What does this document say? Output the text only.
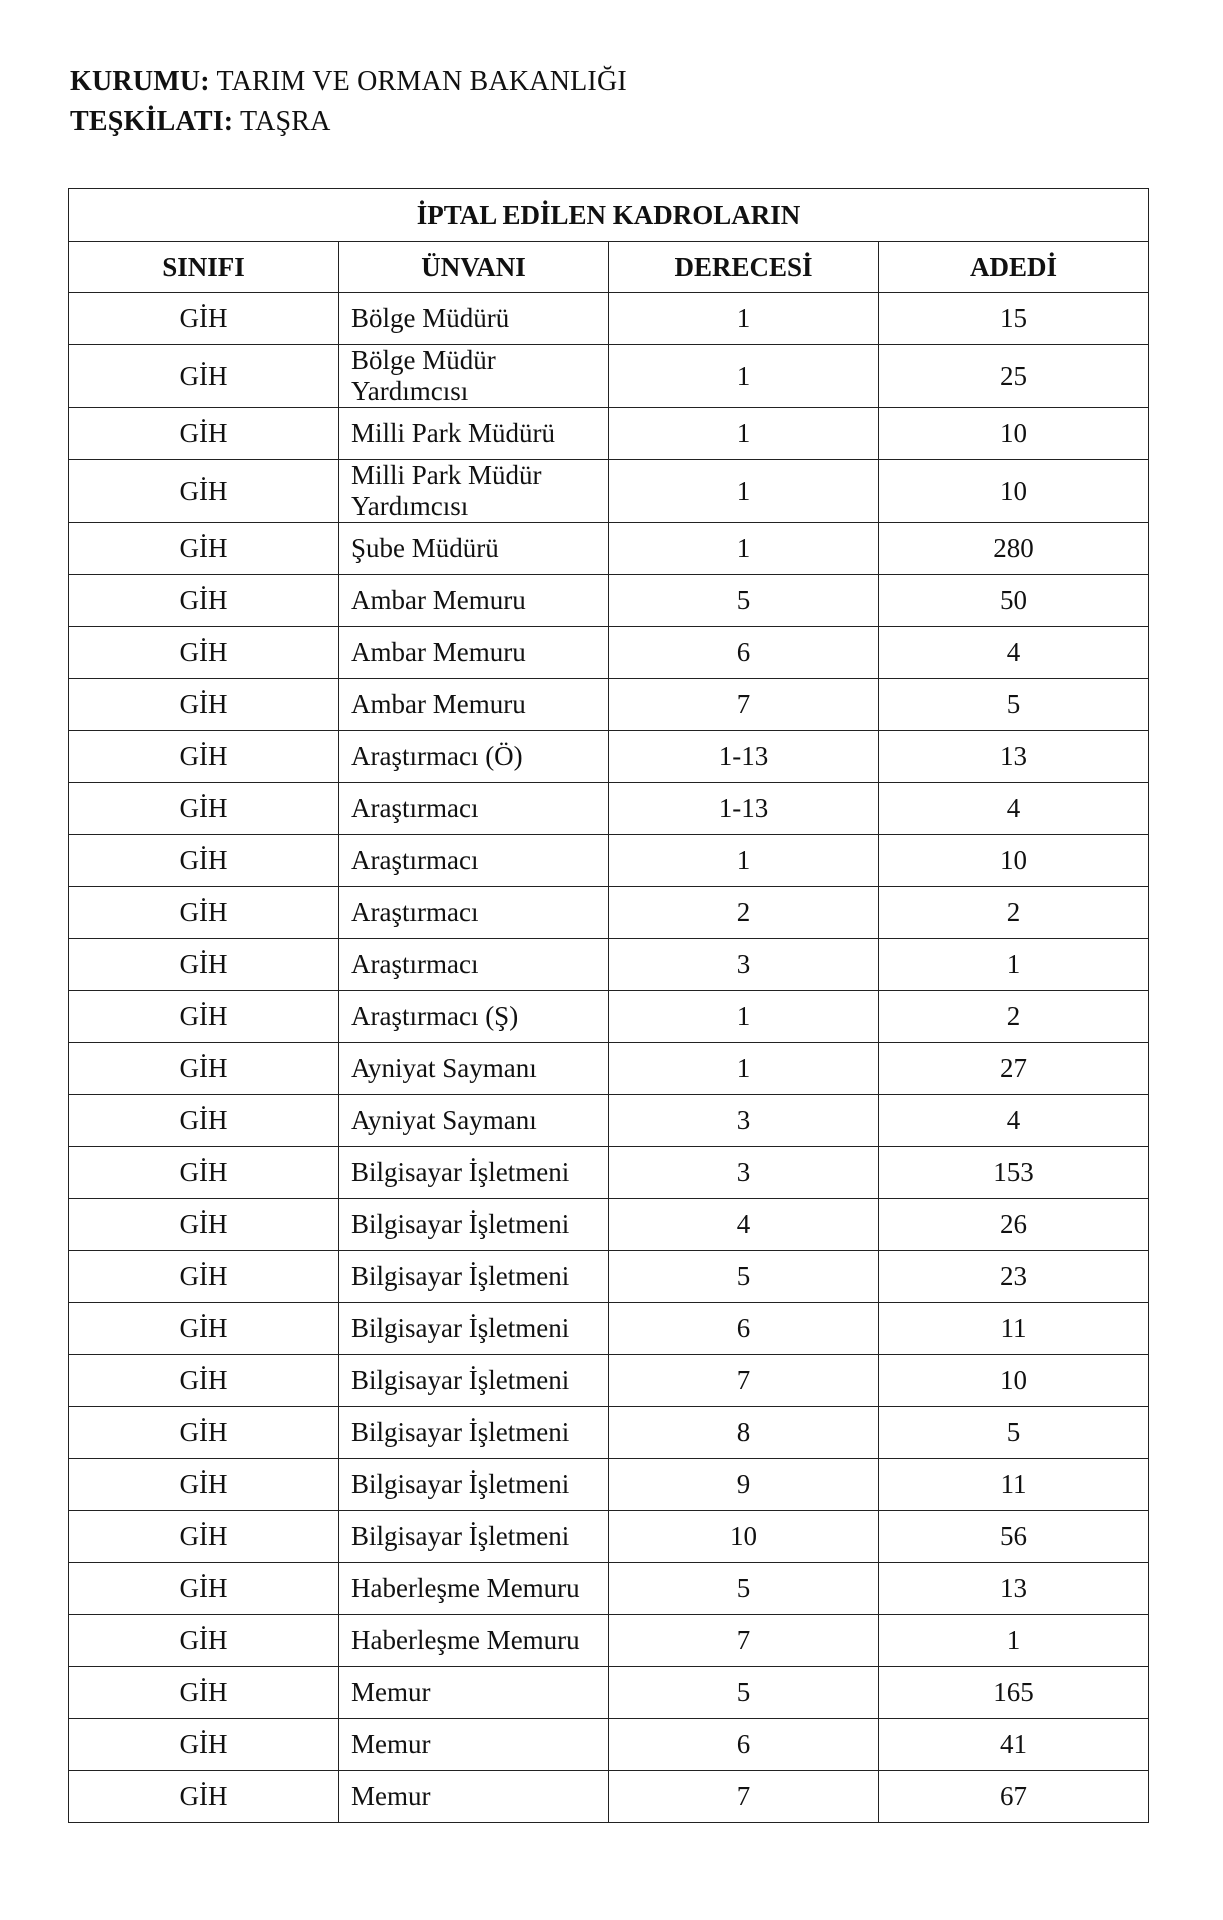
KURUMU: TARIM VE ORMAN BAKANLIĞI
TEŞKİLATI: TAŞRA
İPTAL EDİLEN KADROLARIN			
SINIFI	ÜNVANI	DERECESİ	ADEDİ
GİH	Bölge Müdürü	1	15
GİH	Bölge Müdür Yardımcısı	1	25
GİH	Milli Park Müdürü	1	10
GİH	Milli Park Müdür Yardımcısı	1	10
GİH	Şube Müdürü	1	280
GİH	Ambar Memuru	5	50
GİH	Ambar Memuru	6	4
GİH	Ambar Memuru	7	5
GİH	Araştırmacı (Ö)	1-13	13
GİH	Araştırmacı	1-13	4
GİH	Araştırmacı	1	10
GİH	Araştırmacı	2	2
GİH	Araştırmacı	3	1
GİH	Araştırmacı (Ş)	1	2
GİH	Ayniyat Saymanı	1	27
GİH	Ayniyat Saymanı	3	4
GİH	Bilgisayar İşletmeni	3	153
GİH	Bilgisayar İşletmeni	4	26
GİH	Bilgisayar İşletmeni	5	23
GİH	Bilgisayar İşletmeni	6	11
GİH	Bilgisayar İşletmeni	7	10
GİH	Bilgisayar İşletmeni	8	5
GİH	Bilgisayar İşletmeni	9	11
GİH	Bilgisayar İşletmeni	10	56
GİH	Haberleşme Memuru	5	13
GİH	Haberleşme Memuru	7	1
GİH	Memur	5	165
GİH	Memur	6	41
GİH	Memur	7	67
